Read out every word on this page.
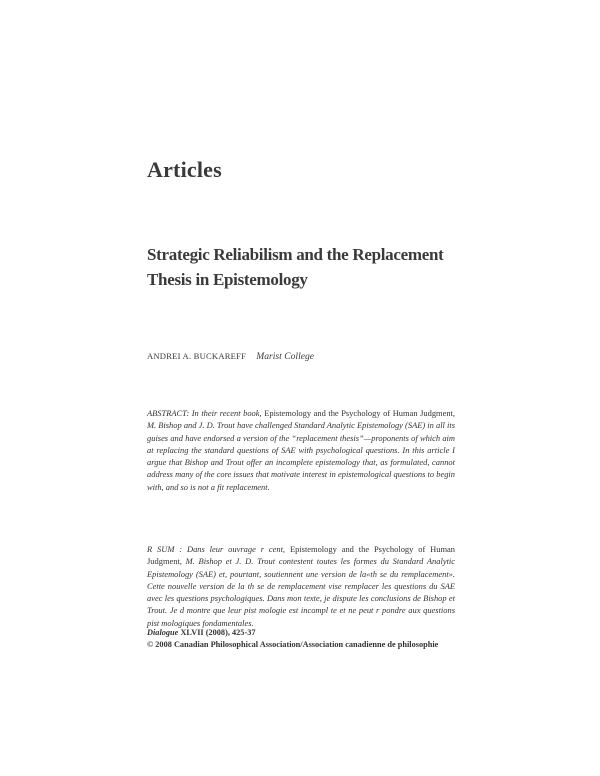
Articles
Strategic Reliabilism and the Replacement
Thesis in Epistemology
ANDREI A. BUCKAREFF Marist College

ABSTRACT: In their recent book, Epistemology and the Psychology of Human Judgment, M. Bishop and J. D. Trout have challenged Standard Analytic Epistemology (SAE) in all its guises and have endorsed a version of the “replacement thesis”—proponents of which aim at replacing the standard questions of SAE with psychological questions. In this article I argue that Bishop and Trout offer an incomplete epistemology that, as formulated, cannot address many of the core issues that motivate interest in epistemological questions to begin with, and so is not a fit replacement.

R SUM : Dans leur ouvrage r cent, Epistemology and the Psychology of Human Judgment, M. Bishop et J. D. Trout contestent toutes les formes du Standard Analytic Epistemology (SAE) et, pourtant, soutiennent une version de la«th se du remplacement». Cette nouvelle version de la th se de remplacement vise remplacer les questions du SAE avec les questions psychologiques. Dans mon texte, je dispute les conclusions de Bishop et Trout. Je d montre que leur pist mologie est incompl te et ne peut r pondre aux questions pist mologiques fondamentales.

Dialogue XLVII (2008), 425-37
© 2008 Canadian Philosophical Association/Association canadienne de philosophie
